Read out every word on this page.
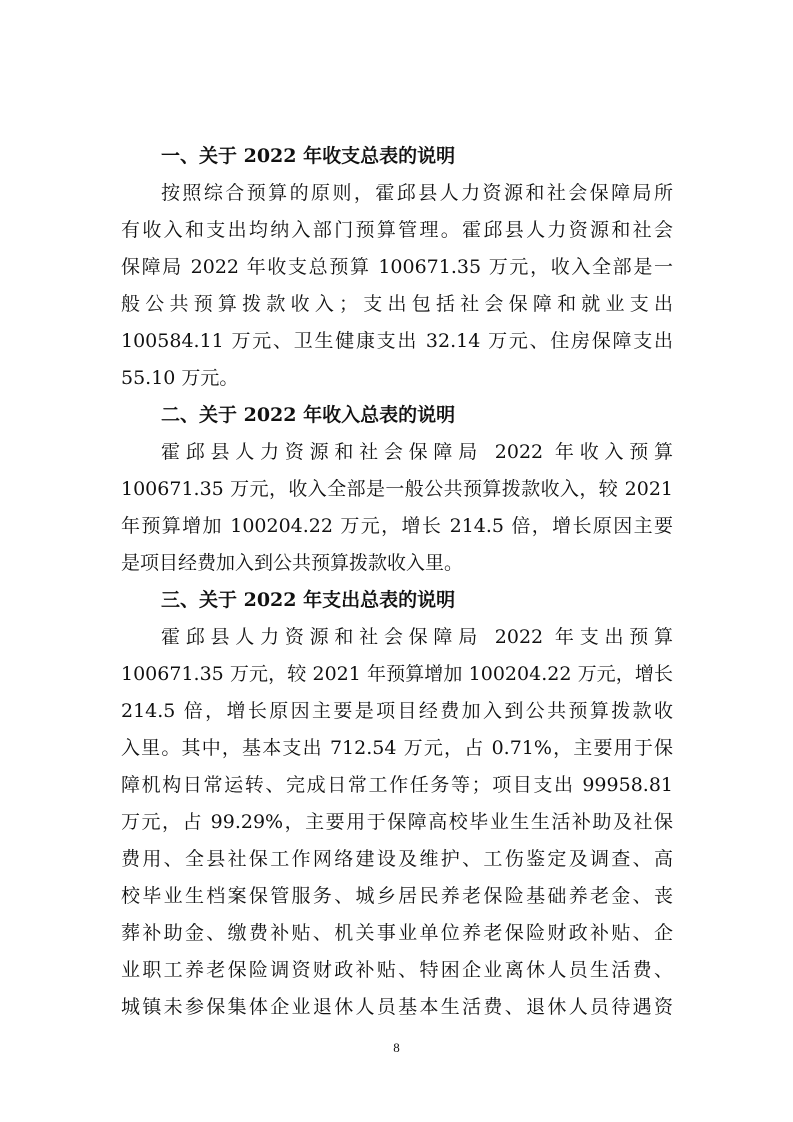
一、关于 2022 年收支总表的说明
按照综合预算的原则，霍邱县人力资源和社会保障局所
有收入和支出均纳入部门预算管理。霍邱县人力资源和社会
保障局 2022 年收支总预算 100671.35 万元，收入全部是一
般公共预算拨款收入；支出包括社会保障和就业支出
100584.11 万元、卫生健康支出 32.14 万元、住房保障支出
55.10 万元。
二、关于 2022 年收入总表的说明
霍邱县人力资源和社会保障局 2022 年收入预算
100671.35 万元，收入全部是一般公共预算拨款收入，较 2021
年预算增加 100204.22 万元，增长 214.5 倍，增长原因主要
是项目经费加入到公共预算拨款收入里。
三、关于 2022 年支出总表的说明
霍邱县人力资源和社会保障局 2022 年支出预算
100671.35 万元，较 2021 年预算增加 100204.22 万元，增长
214.5 倍，增长原因主要是项目经费加入到公共预算拨款收
入里。其中，基本支出 712.54 万元，占 0.71%，主要用于保
障机构日常运转、完成日常工作任务等；项目支出 99958.81
万元，占 99.29%，主要用于保障高校毕业生生活补助及社保
费用、全县社保工作网络建设及维护、工伤鉴定及调查、高
校毕业生档案保管服务、城乡居民养老保险基础养老金、丧
葬补助金、缴费补贴、机关事业单位养老保险财政补贴、企
业职工养老保险调资财政补贴、特困企业离休人员生活费、
城镇未参保集体企业退休人员基本生活费、退休人员待遇资
8
